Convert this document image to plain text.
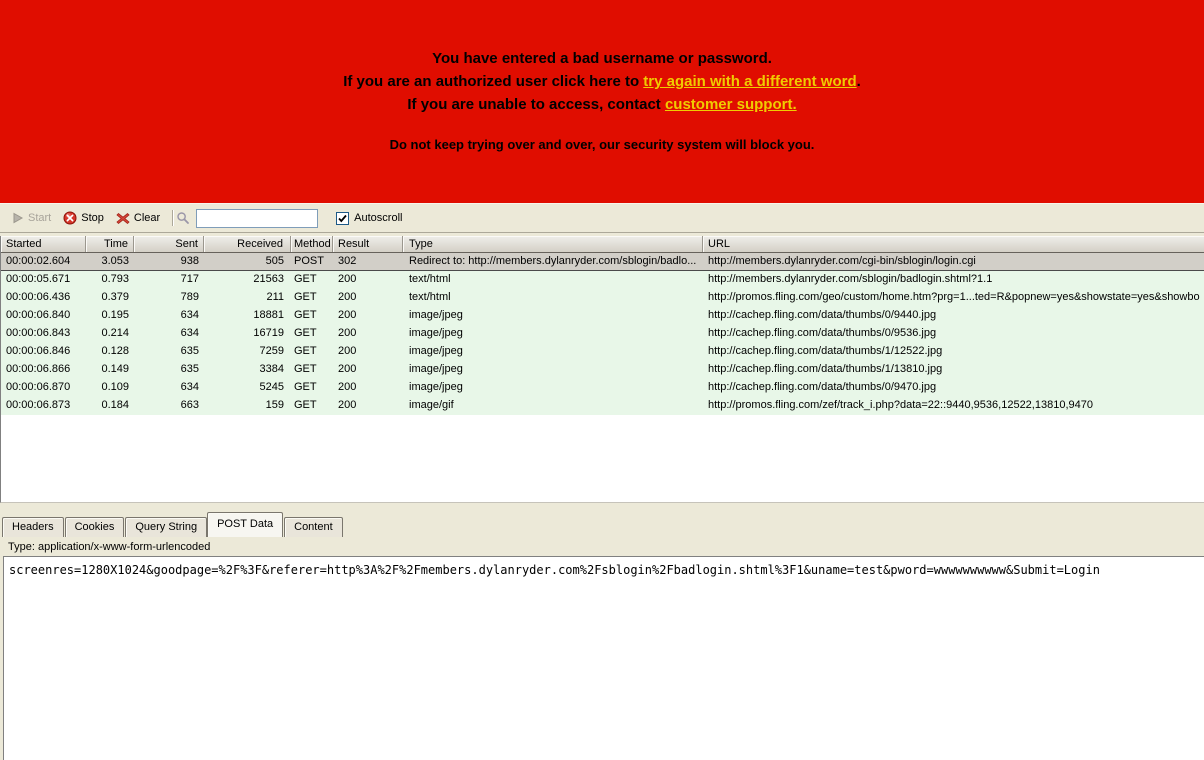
You have entered a bad username or password.

If you are an authorized user click here to try again with a different word.

If you are unable to access, contact customer support.

Do not keep trying over and over, our security system will block you.

Start	Stop	Clear	Autoscroll
Started	Time	Sent	Received	Method Result	Type	URL
00:00:02.604	3.053	938	505 POST	302	Redirect to: http://members.dylanryder.com/sblogin/badlo...	http://members.dylanryder.com/cgi-bin/sblogin/login.cgi
00:00:05.671	0.793	717	21563 GET	200	text/html	http://members.dylanryder.com/sblogin/badlogin.shtml?1.1
00:00:06.436	0.379	789	211 GET	200	text/html	http://promos.fling.com/geo/custom/home.htm?prg=1...ted=R&popnew=yes&showstate=yes&showbo
00:00:06.840	0.195	634	18881 GET	200	image/jpeg	http://cachep.fling.com/data/thumbs/0/9440.jpg
00:00:06.843	0.214	634	16719 GET	200	image/jpeg	http://cachep.fling.com/data/thumbs/0/9536.jpg
00:00:06.846	0.128	635	7259 GET	200	image/jpeg	http://cachep.fling.com/data/thumbs/1/12522.jpg
00:00:06.866	0.149	635	3384 GET	200	image/jpeg	http://cachep.fling.com/data/thumbs/1/13810.jpg
00:00:06.870	0.109	634	5245 GET	200	image/jpeg	http://cachep.fling.com/data/thumbs/0/9470.jpg
00:00:06.873	0.184	663	159 GET	200	image/gif	http://promos.fling.com/zef/track_i.php?data=22::9440,9536,12522,13810,9470
Headers	Cookies	Query String	POST Data	Content
Type: application/x-www-form-urlencoded
screenres=1280X1024&goodpage=%2F%3F&referer=http%3A%2F%2Fmembers.dylanryder.com%2Fsblogin%2Fbadlogin.shtml%3F1&uname=test&pword=wwwwwwwwww&Submit=Login
